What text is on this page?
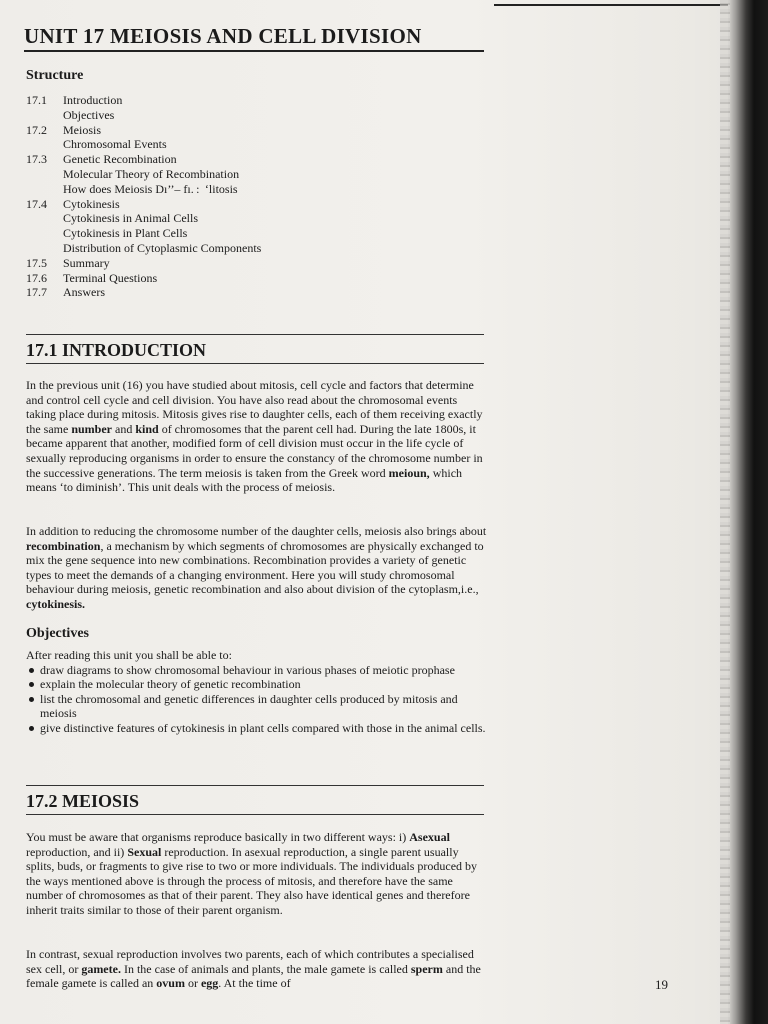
UNIT 17 MEIOSIS AND CELL DIVISION
Structure
17.1	Introduction
Objectives
17.2	Meiosis
Chromosomal Events
17.3	Genetic Recombination
Molecular Theory of Recombination
How does Meiosis Dı’’– fı. :  ‘litosis
17.4	Cytokinesis
Cytokinesis in Animal Cells
Cytokinesis in Plant Cells
Distribution of Cytoplasmic Components
17.5	Summary
17.6	Terminal Questions
17.7	Answers
17.1 INTRODUCTION

In the previous unit (16) you have studied about mitosis, cell cycle and factors that determine and control cell cycle and cell division. You have also read about the chromosomal events taking place during mitosis. Mitosis gives rise to daughter cells, each of them receiving exactly the same number and kind of chromosomes that the parent cell had. During the late 1800s, it became apparent that another, modified form of cell division must occur in the life cycle of sexually reproducing organisms in order to ensure the constancy of the chromosome number in the successive generations. The term meiosis is taken from the Greek word meioun, which means ‘to diminish’. This unit deals with the process of meiosis.

In addition to reducing the chromosome number of the daughter cells, meiosis also brings about recombination, a mechanism by which segments of chromosomes are physically exchanged to mix the gene sequence into new combinations. Recombination provides a variety of genetic types to meet the demands of a changing environment. Here you will study chromosomal behaviour during meiosis, genetic recombination and also about division of the cytoplasm,i.e., cytokinesis.

Objectives
After reading this unit you shall be able to:
draw diagrams to show chromosomal behaviour in various phases of meiotic prophase
explain the molecular theory of genetic recombination
list the chromosomal and genetic differences in daughter cells produced by mitosis and meiosis
give distinctive features of cytokinesis in plant cells compared with those in the animal cells.
17.2 MEIOSIS

You must be aware that organisms reproduce basically in two different ways: i) Asexual reproduction, and ii) Sexual reproduction. In asexual reproduction, a single parent usually splits, buds, or fragments to give rise to two or more individuals. The individuals produced by the ways mentioned above is through the process of mitosis, and therefore have the same number of chromosomes as that of their parent. They also have identical genes and therefore inherit traits similar to those of their parent organism.

In contrast, sexual reproduction involves two parents, each of which contributes a specialised sex cell, or gamete. In the case of animals and plants, the male gamete is called sperm and the female gamete is called an ovum or egg. At the time of	19
